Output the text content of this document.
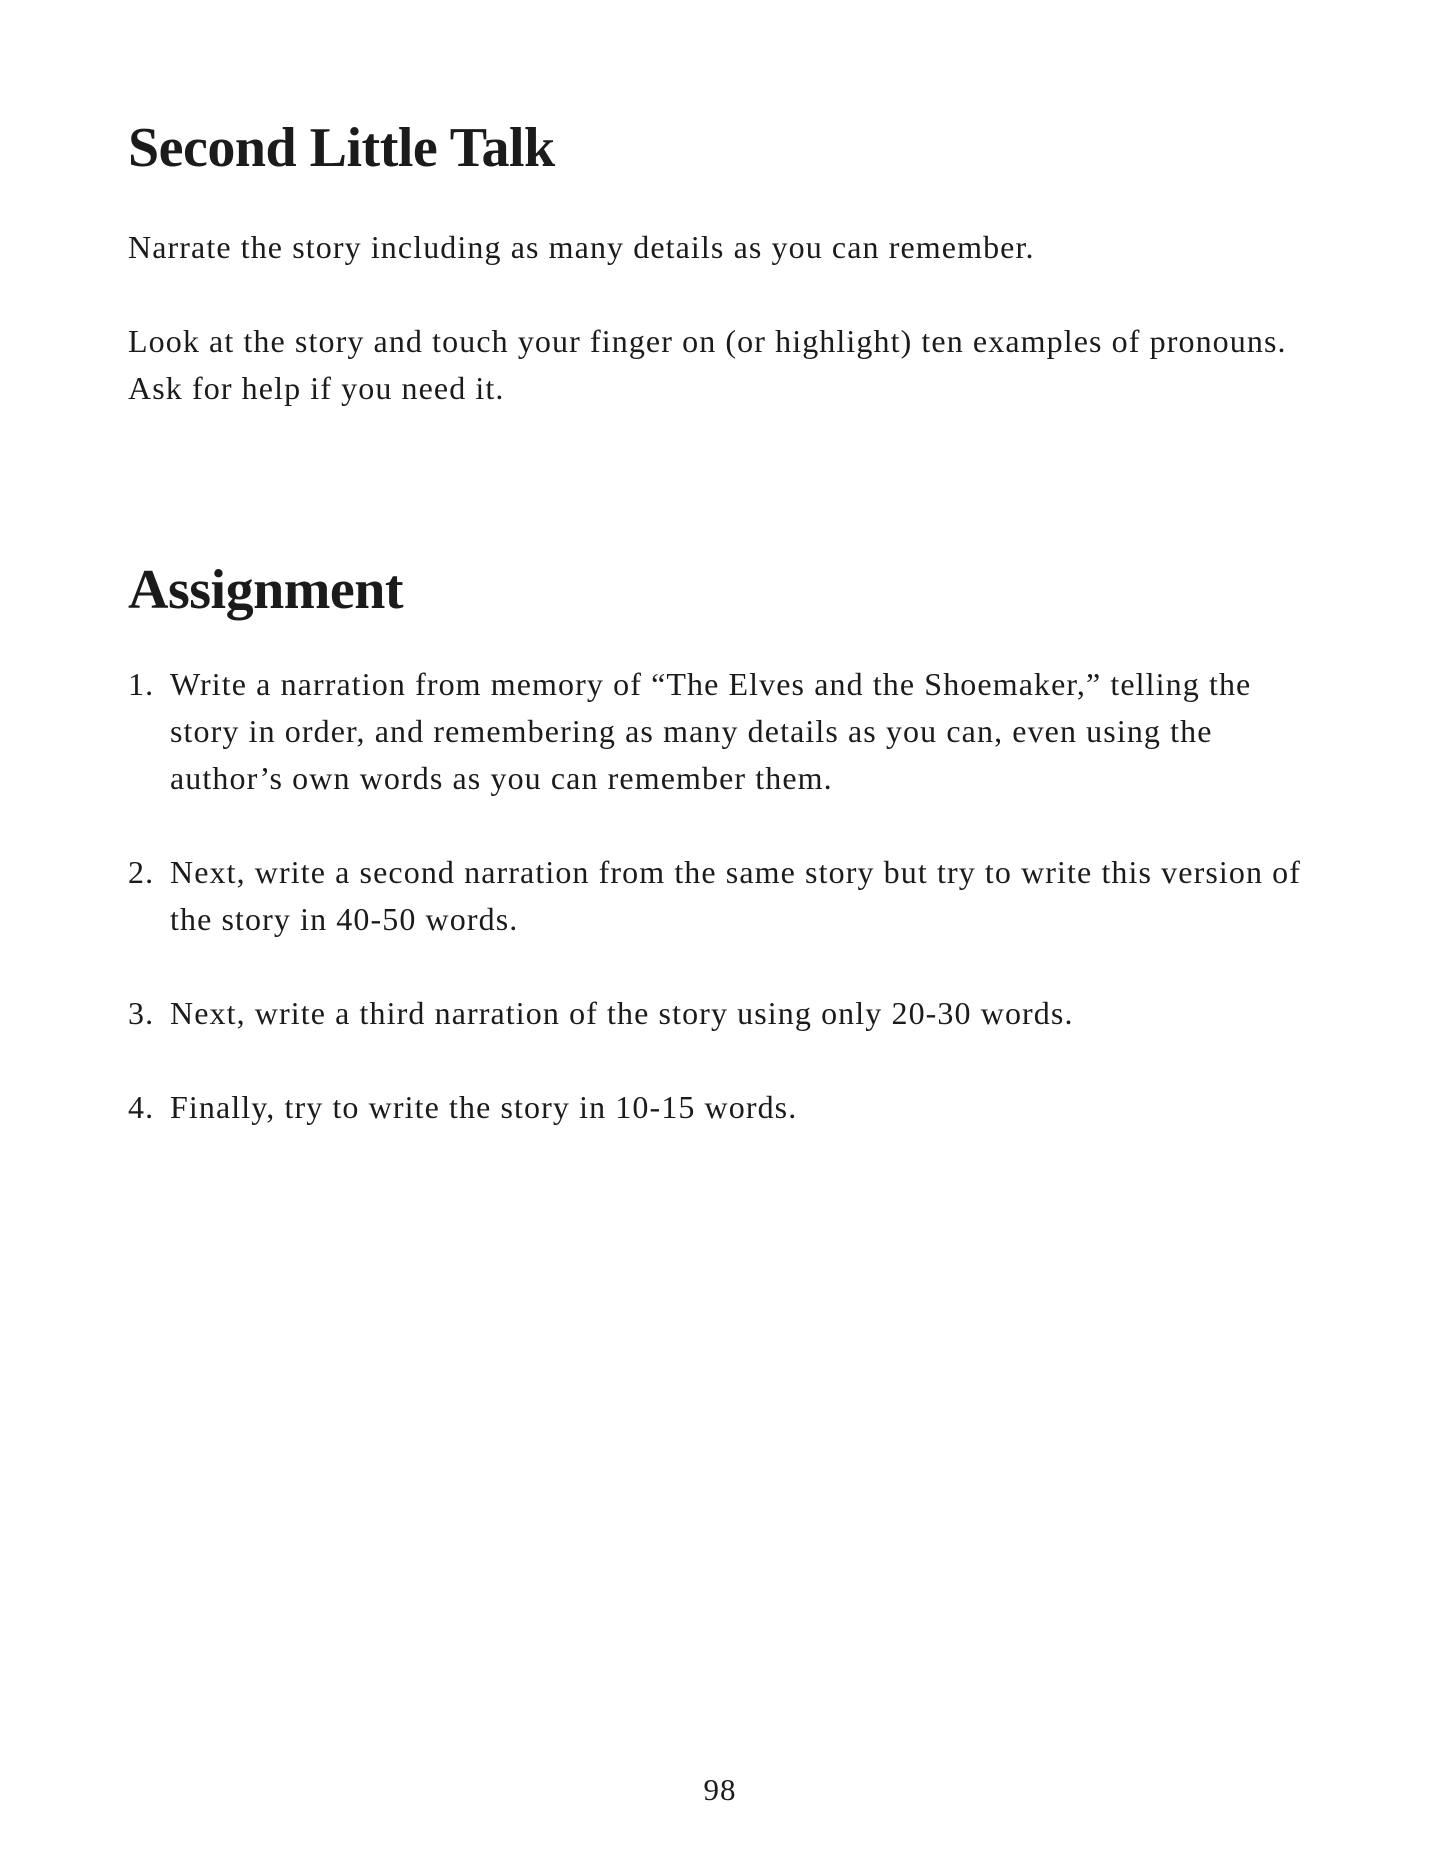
Second Little Talk

Narrate the story including as many details as you can remember.

Look at the story and touch your finger on (or highlight) ten examples of pronouns. Ask for help if you need it.

Assignment
1. Write a narration from memory of “The Elves and the Shoemaker,” telling the story in order, and remembering as many details as you can, even using the author’s own words as you can remember them.
2. Next, write a second narration from the same story but try to write this version of the story in 40-50 words.
3. Next, write a third narration of the story using only 20-30 words.
4. Finally, try to write the story in 10-15 words.
98
